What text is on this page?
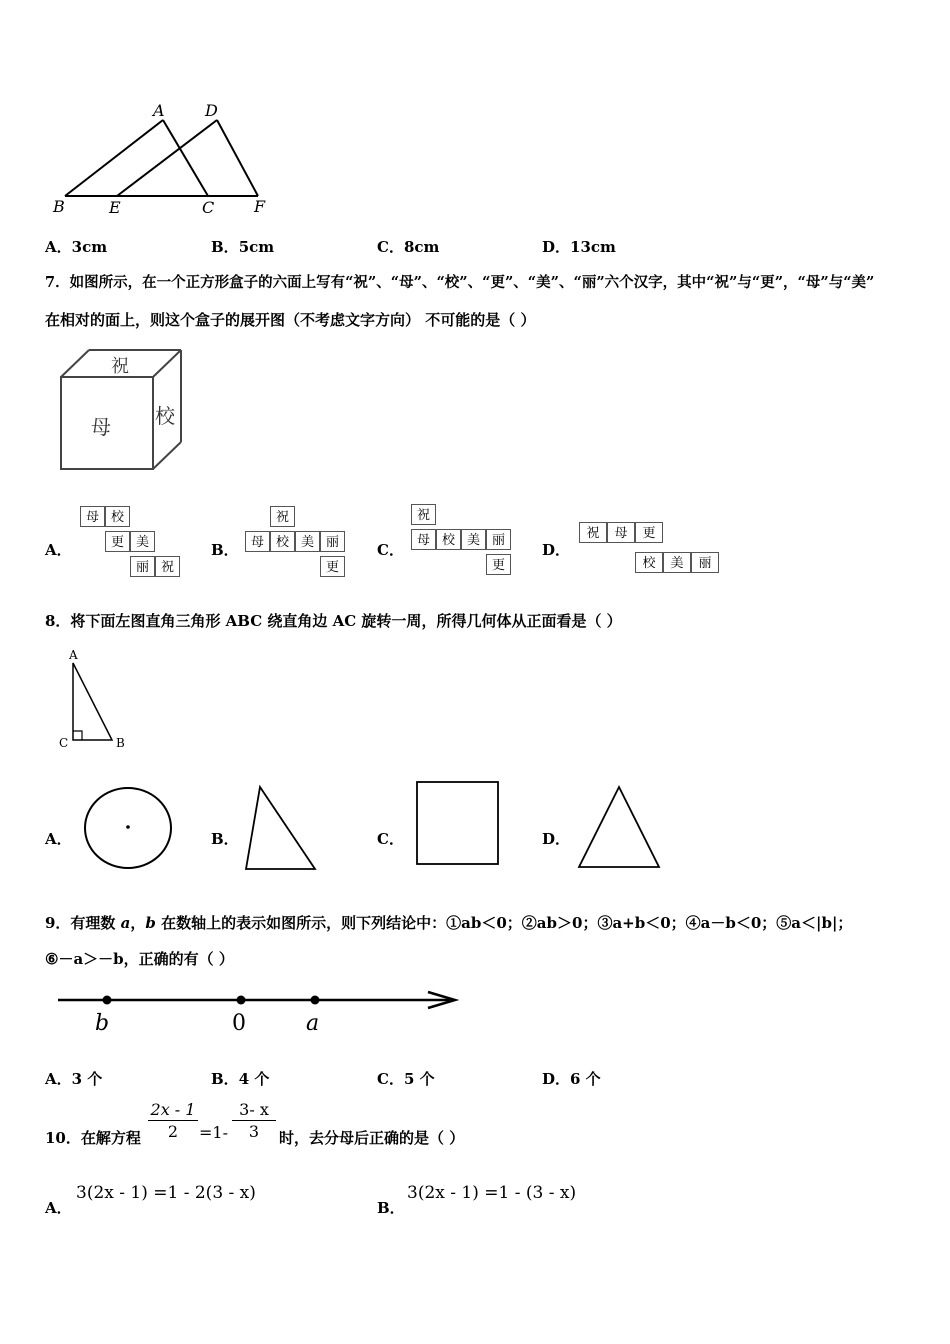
A	D
B	E	C F
A．3cm	B．5cm	C．8cm	D．13cm
7．如图所示，在一个正方形盒子的六面上写有“祝”、“母”、“校”、“更”、“美”、“丽”六个汉字，其中“祝”与“更”，“母”与“美”
在相对的面上，则这个盒子的展开图（不考虑文字方向） 不可能的是（ ）
祝
母 校
A．
母 校
更 美
丽 祝
B．
祝
母 校 美 丽
更
C．
祝
母 校 美 丽
更
D．
祝	母	更
校	美	丽
8．将下面左图直角三角形 ABC 绕直角边 AC 旋转一周，所得几何体从正面看是（ ）
A
C	B
A．	B．	C．	D．
9．有理数 a，b 在数轴上的表示如图所示，则下列结论中：①ab＜0；②ab＞0；③a+b＜0；④a－b＜0；⑤a＜|b|；
⑥－a＞－b，正确的有（ ）
b	0	a
A．3 个	B．4 个	C．5 个	D．6 个
10．在解方程
2x - 1
2	=1-
3- x
3	时，去分母后正确的是（ ）
A．
3(2x - 1) =1 - 2(3 - x)
B．
3(2x - 1) =1 - (3 - x)
